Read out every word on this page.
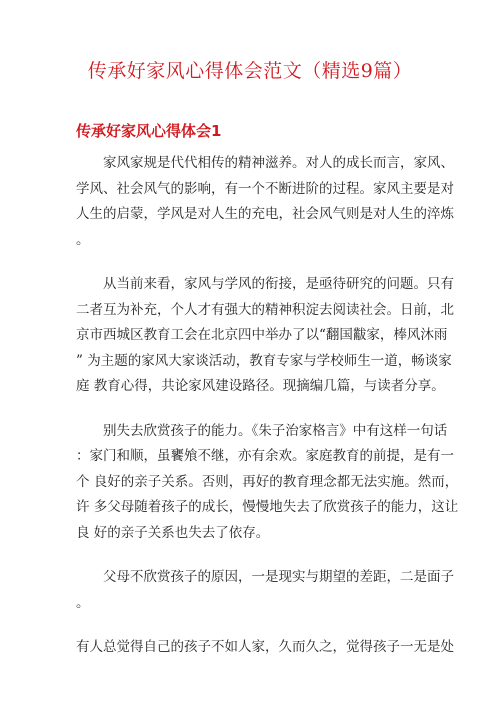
传承好家风心得体会范文（精选9篇）
传承好家风心得体会1

家风家规是代代相传的精神滋养。对人的成长而言，家风、
学风、社会风气的影响，有一个不断进阶的过程。家风主要是对
人生的启蒙，学风是对人生的充电，社会风气则是对人生的淬炼
。

从当前来看，家风与学风的衔接，是亟待研究的问题。只有
二者互为补充，个人才有强大的精神积淀去阅读社会。日前，北
京市西城区教育工会在北京四中举办了以“翻国黻家，棒风沐雨
” 为主题的家风大家谈活动，教育专家与学校师生一道，畅谈家
庭 教育心得，共论家风建设路径。现摘编几篇，与读者分享。

别失去欣赏孩子的能力。《朱子治家格言》中有这样一句话
：家门和顺，虽饔飧不继，亦有余欢。家庭教育的前提，是有一
个 良好的亲子关系。否则，再好的教育理念都无法实施。然而，
许 多父母随着孩子的成长，慢慢地失去了欣赏孩子的能力，这让
良 好的亲子关系也失去了依存。

父母不欣赏孩子的原因，一是现实与期望的差距，二是面子
。

有人总觉得自己的孩子不如人家，久而久之，觉得孩子一无是处
